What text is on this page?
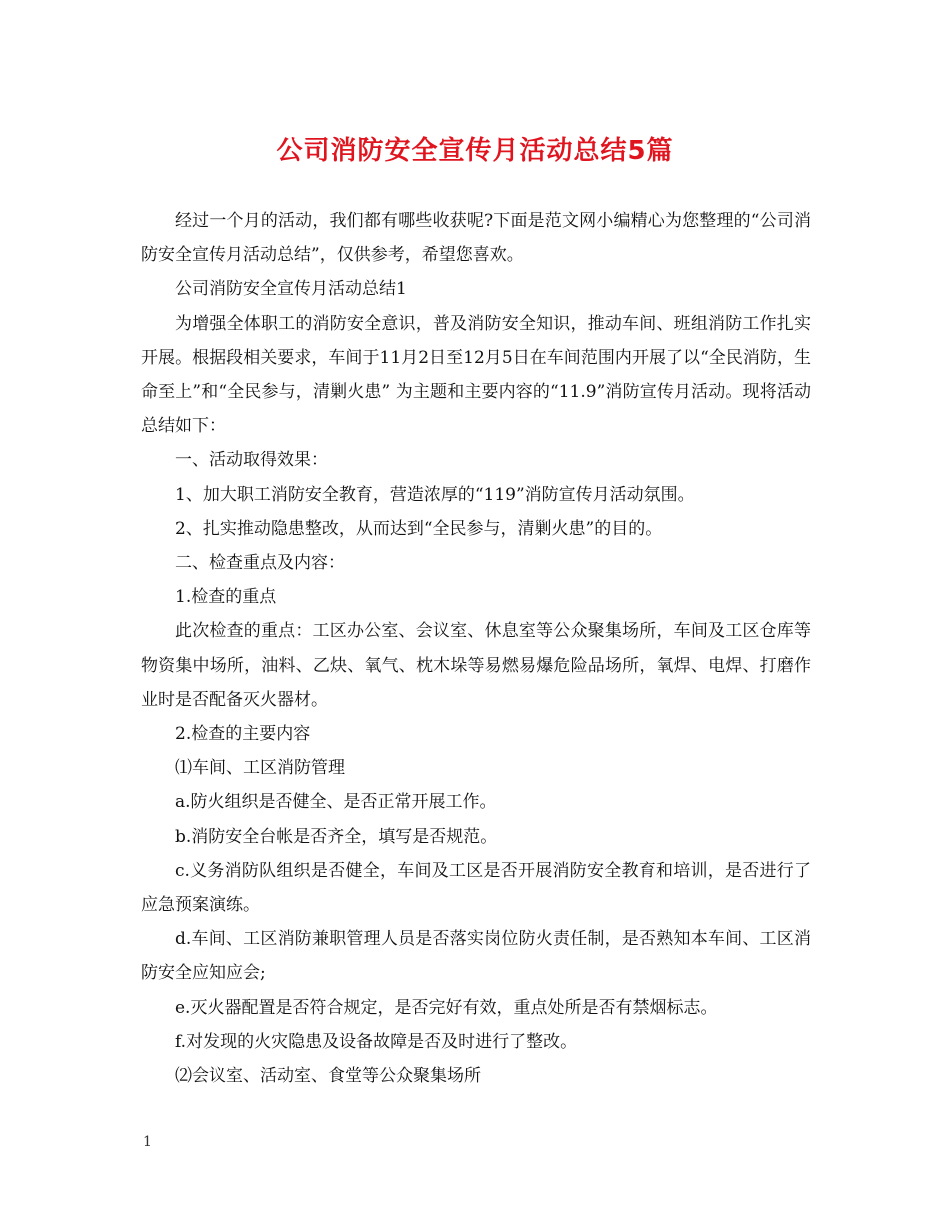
公司消防安全宣传月活动总结5篇

经过一个月的活动，我们都有哪些收获呢?下面是范文网小编精心为您整理的“公司消防安全宣传月活动总结”，仅供参考，希望您喜欢。

公司消防安全宣传月活动总结1

为增强全体职工的消防安全意识，普及消防安全知识，推动车间、班组消防工作扎实开展。根据段相关要求，车间于11月2日至12月5日在车间范围内开展了以“全民消防，生命至上”和“全民参与，清剿火患” 为主题和主要内容的“11.9”消防宣传月活动。现将活动总结如下：

一、活动取得效果：

1、加大职工消防安全教育，营造浓厚的“119”消防宣传月活动氛围。

2、扎实推动隐患整改，从而达到“全民参与，清剿火患”的目的。

二、检查重点及内容：

1.检查的重点

此次检查的重点：工区办公室、会议室、休息室等公众聚集场所，车间及工区仓库等物资集中场所，油料、乙炔、氧气、枕木垛等易燃易爆危险品场所，氧焊、电焊、打磨作业时是否配备灭火器材。

2.检查的主要内容

⑴车间、工区消防管理

a.防火组织是否健全、是否正常开展工作。

b.消防安全台帐是否齐全，填写是否规范。

c.义务消防队组织是否健全，车间及工区是否开展消防安全教育和培训，是否进行了应急预案演练。

d.车间、工区消防兼职管理人员是否落实岗位防火责任制，是否熟知本车间、工区消防安全应知应会;

e.灭火器配置是否符合规定，是否完好有效，重点处所是否有禁烟标志。

f.对发现的火灾隐患及设备故障是否及时进行了整改。

⑵会议室、活动室、食堂等公众聚集场所

1
